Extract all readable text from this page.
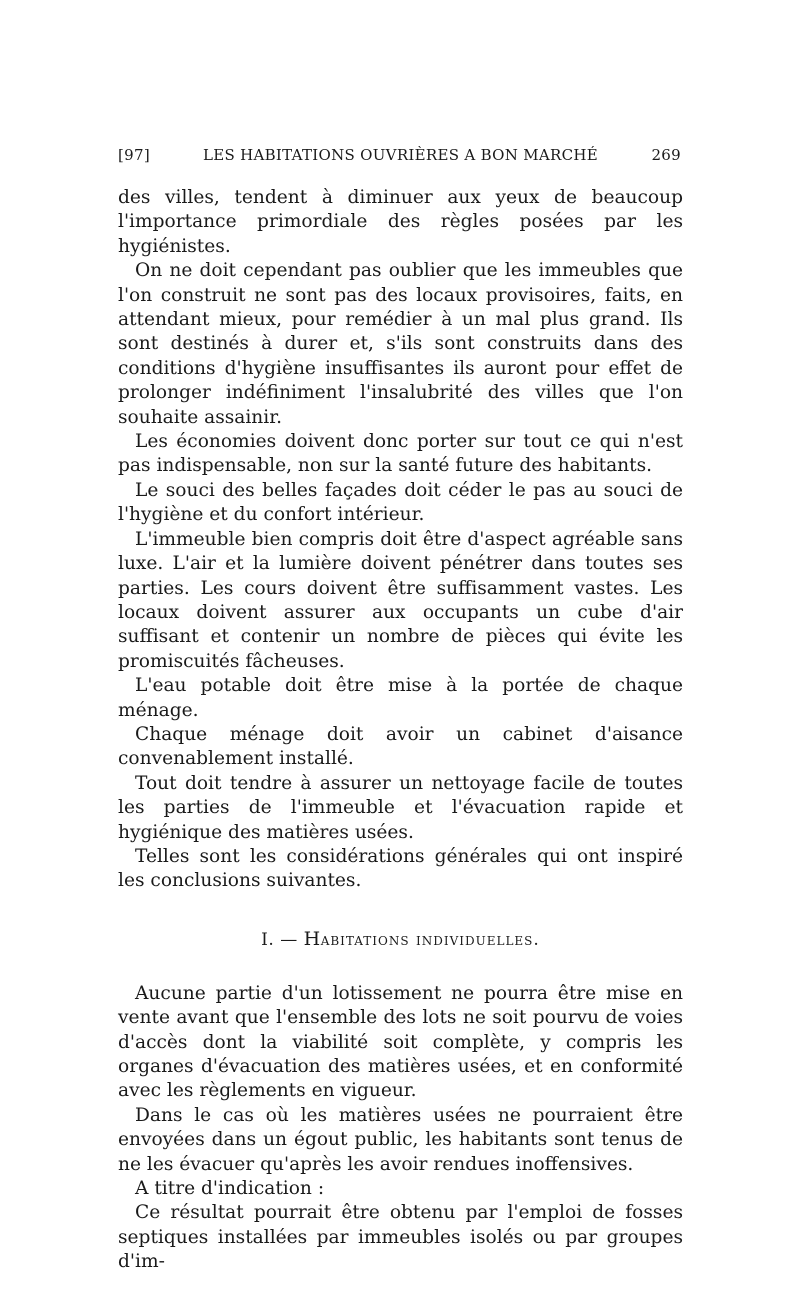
[97]	LES HABITATIONS OUVRIÈRES A BON MARCHÉ	269

des villes, tendent à diminuer aux yeux de beaucoup l'importance primordiale des règles posées par les hygiénistes.

On ne doit cependant pas oublier que les immeubles que l'on construit ne sont pas des locaux provisoires, faits, en attendant mieux, pour remédier à un mal plus grand. Ils sont destinés à durer et, s'ils sont construits dans des conditions d'hygiène insuffisantes ils auront pour effet de prolonger indéfiniment l'insalubrité des villes que l'on souhaite assainir.

Les économies doivent donc porter sur tout ce qui n'est pas indispensable, non sur la santé future des habitants.

Le souci des belles façades doit céder le pas au souci de l'hygiène et du confort intérieur.

L'immeuble bien compris doit être d'aspect agréable sans luxe. L'air et la lumière doivent pénétrer dans toutes ses parties. Les cours doivent être suffisamment vastes. Les locaux doivent assurer aux occupants un cube d'air suffisant et contenir un nombre de pièces qui évite les promiscuités fâcheuses.

L'eau potable doit être mise à la portée de chaque ménage.

Chaque ménage doit avoir un cabinet d'aisance convenablement installé.

Tout doit tendre à assurer un nettoyage facile de toutes les parties de l'immeuble et l'évacuation rapide et hygiénique des matières usées.

Telles sont les considérations générales qui ont inspiré les conclusions suivantes.

I. — Habitations individuelles.

Aucune partie d'un lotissement ne pourra être mise en vente avant que l'ensemble des lots ne soit pourvu de voies d'accès dont la viabilité soit complète, y compris les organes d'évacuation des matières usées, et en conformité avec les règlements en vigueur.

Dans le cas où les matières usées ne pourraient être envoyées dans un égout public, les habitants sont tenus de ne les évacuer qu'après les avoir rendues inoffensives.

A titre d'indication :

Ce résultat pourrait être obtenu par l'emploi de fosses septiques installées par immeubles isolés ou par groupes d'im-
